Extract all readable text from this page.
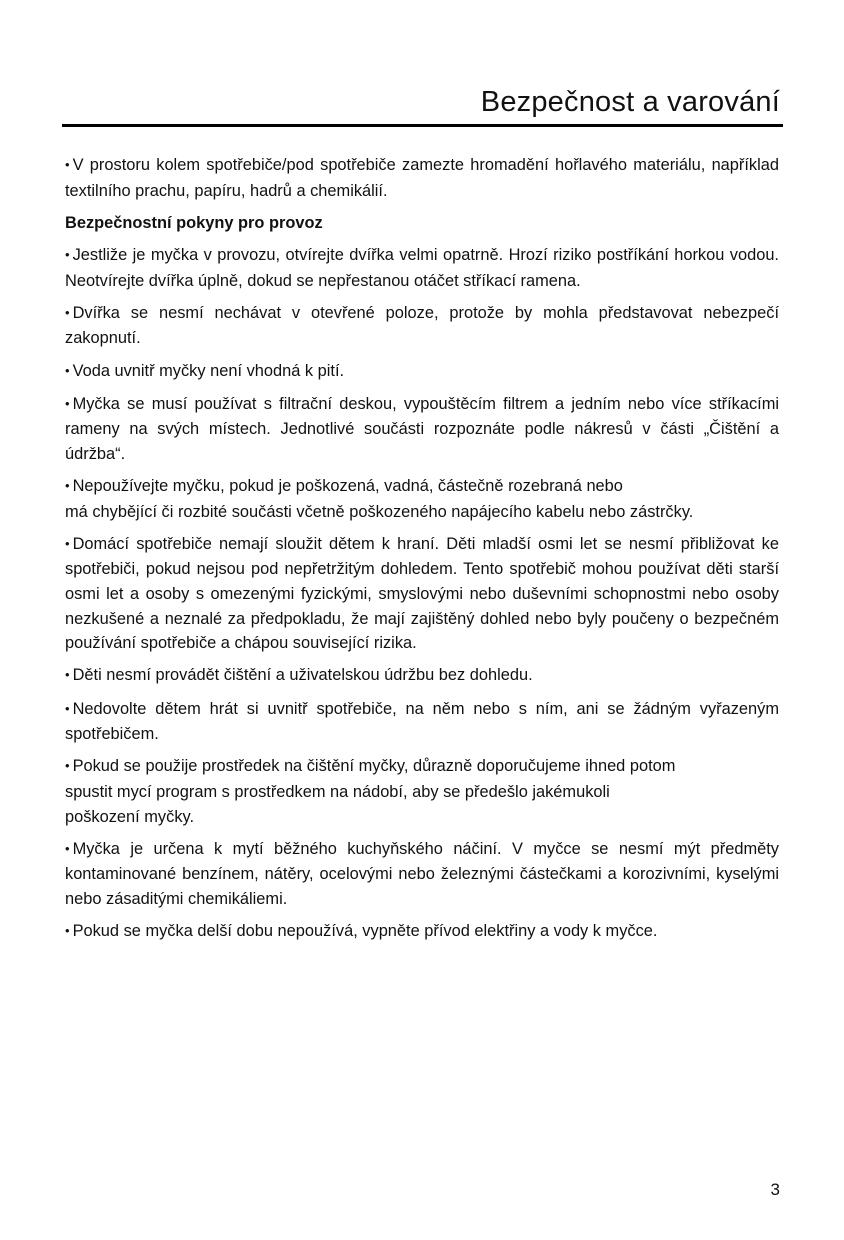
Bezpečnost a varování

• V prostoru kolem spotřebiče/pod spotřebiče zamezte hromadění hořlavého materiálu, například textilního prachu, papíru, hadrů a chemikálií.

Bezpečnostní pokyny pro provoz

• Jestliže je myčka v provozu, otvírejte dvířka velmi opatrně. Hrozí riziko postříkání horkou vodou. Neotvírejte dvířka úplně, dokud se nepřestanou otáčet stříkací ramena.

• Dvířka se nesmí nechávat v otevřené poloze, protože by mohla představovat nebezpečí zakopnutí.

• Voda uvnitř myčky není vhodná k pití.

• Myčka se musí používat s filtrační deskou, vypouštěcím filtrem a jedním nebo více stříkacími rameny na svých místech. Jednotlivé součásti rozpoznáte podle nákresů v části „Čištění a údržba“.

• Nepoužívejte myčku, pokud je poškozená, vadná, částečně rozebraná nebo
má chybějící či rozbité součásti včetně poškozeného napájecího kabelu nebo zástrčky.

• Domácí spotřebiče nemají sloužit dětem k hraní. Děti mladší osmi let se nesmí přibližovat ke spotřebiči, pokud nejsou pod nepřetržitým dohledem. Tento spotřebič mohou používat děti starší osmi let a osoby s omezenými fyzickými, smyslovými nebo duševními schopnostmi nebo osoby nezkušené a neznalé za předpokladu, že mají zajištěný dohled nebo byly poučeny o bezpečném používání spotřebiče a chápou související rizika.

• Děti nesmí provádět čištění a uživatelskou údržbu bez dohledu.

• Nedovolte dětem hrát si uvnitř spotřebiče, na něm nebo s ním, ani se žádným vyřazeným spotřebičem.

• Pokud se použije prostředek na čištění myčky, důrazně doporučujeme ihned potom
spustit mycí program s prostředkem na nádobí, aby se předešlo jakémukoli
poškození myčky.

• Myčka je určena k mytí běžného kuchyňského náčiní. V myčce se nesmí mýt předměty kontaminované benzínem, nátěry, ocelovými nebo železnými částečkami a korozivními, kyselými nebo zásaditými chemikáliemi.

• Pokud se myčka delší dobu nepoužívá, vypněte přívod elektřiny a vody k myčce.

3
